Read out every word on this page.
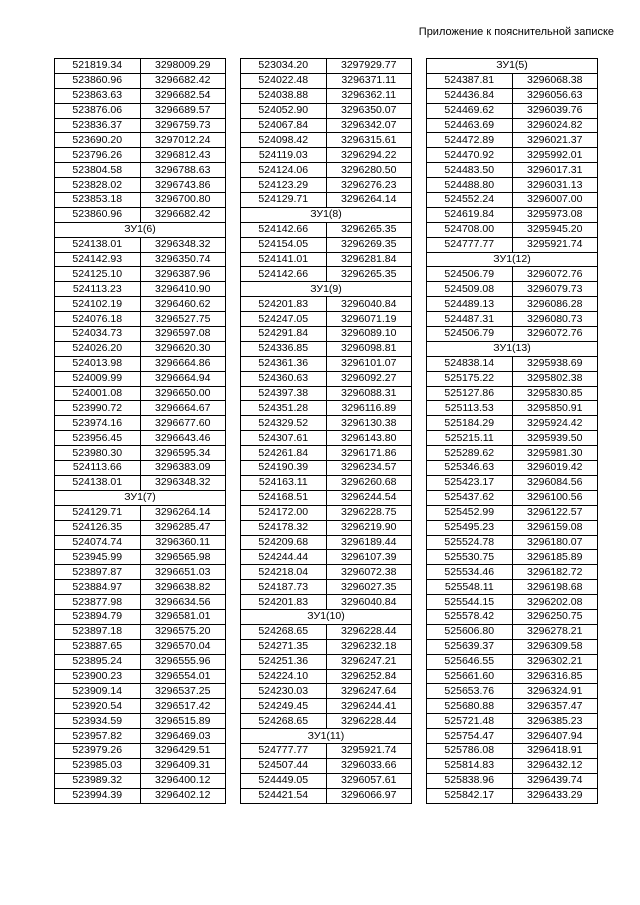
Приложение к пояснительной записке
521819.34	3298009.29
523860.96	3296682.42
523863.63	3296682.54
523876.06	3296689.57
523836.37	3296759.73
523690.20	3297012.24
523796.26	3296812.43
523804.58	3296788.63
523828.02	3296743.86
523853.18	3296700.80
523860.96	3296682.42
ЗУ1(6)	
524138.01	3296348.32
524142.93	3296350.74
524125.10	3296387.96
524113.23	3296410.90
524102.19	3296460.62
524076.18	3296527.75
524034.73	3296597.08
524026.20	3296620.30
524013.98	3296664.86
524009.99	3296664.94
524001.08	3296650.00
523990.72	3296664.67
523974.16	3296677.60
523956.45	3296643.46
523980.30	3296595.34
524113.66	3296383.09
524138.01	3296348.32
ЗУ1(7)	
524129.71	3296264.14
524126.35	3296285.47
524074.74	3296360.11
523945.99	3296565.98
523897.87	3296651.03
523884.97	3296638.82
523877.98	3296634.56
523894.79	3296581.01
523897.18	3296575.20
523887.65	3296570.04
523895.24	3296555.96
523900.23	3296554.01
523909.14	3296537.25
523920.54	3296517.42
523934.59	3296515.89
523957.82	3296469.03
523979.26	3296429.51
523985.03	3296409.31
523989.32	3296400.12
523994.39	3296402.12
523034.20	3297929.77
524022.48	3296371.11
524038.88	3296362.11
524052.90	3296350.07
524067.84	3296342.07
524098.42	3296315.61
524119.03	3296294.22
524124.06	3296280.50
524123.29	3296276.23
524129.71	3296264.14
ЗУ1(8)	
524142.66	3296265.35
524154.05	3296269.35
524141.01	3296281.84
524142.66	3296265.35
ЗУ1(9)	
524201.83	3296040.84
524247.05	3296071.19
524291.84	3296089.10
524336.85	3296098.81
524361.36	3296101.07
524360.63	3296092.27
524397.38	3296088.31
524351.28	3296116.89
524329.52	3296130.38
524307.61	3296143.80
524261.84	3296171.86
524190.39	3296234.57
524163.11	3296260.68
524168.51	3296244.54
524172.00	3296228.75
524178.32	3296219.90
524209.68	3296189.44
524244.44	3296107.39
524218.04	3296072.38
524187.73	3296027.35
524201.83	3296040.84
ЗУ1(10)	
524268.65	3296228.44
524271.35	3296232.18
524251.36	3296247.21
524224.10	3296252.84
524230.03	3296247.64
524249.45	3296244.41
524268.65	3296228.44
ЗУ1(11)	
524777.77	3295921.74
524507.44	3296033.66
524449.05	3296057.61
524421.54	3296066.97
ЗУ1(5)	
524387.81	3296068.38
524436.84	3296056.63
524469.62	3296039.76
524463.69	3296024.82
524472.89	3296021.37
524470.92	3295992.01
524483.50	3296017.31
524488.80	3296031.13
524552.24	3296007.00
524619.84	3295973.08
524708.00	3295945.20
524777.77	3295921.74
ЗУ1(12)	
524506.79	3296072.76
524509.08	3296079.73
524489.13	3296086.28
524487.31	3296080.73
524506.79	3296072.76
ЗУ1(13)	
524838.14	3295938.69
525175.22	3295802.38
525127.86	3295830.85
525113.53	3295850.91
525184.29	3295924.42
525215.11	3295939.50
525289.62	3295981.30
525346.63	3296019.42
525423.17	3296084.56
525437.62	3296100.56
525452.99	3296122.57
525495.23	3296159.08
525524.78	3296180.07
525530.75	3296185.89
525534.46	3296182.72
525548.11	3296198.68
525544.15	3296202.08
525578.42	3296250.75
525606.80	3296278.21
525639.37	3296309.58
525646.55	3296302.21
525661.60	3296316.85
525653.76	3296324.91
525680.88	3296357.47
525721.48	3296385.23
525754.47	3296407.94
525786.08	3296418.91
525814.83	3296432.12
525838.96	3296439.74
525842.17	3296433.29
